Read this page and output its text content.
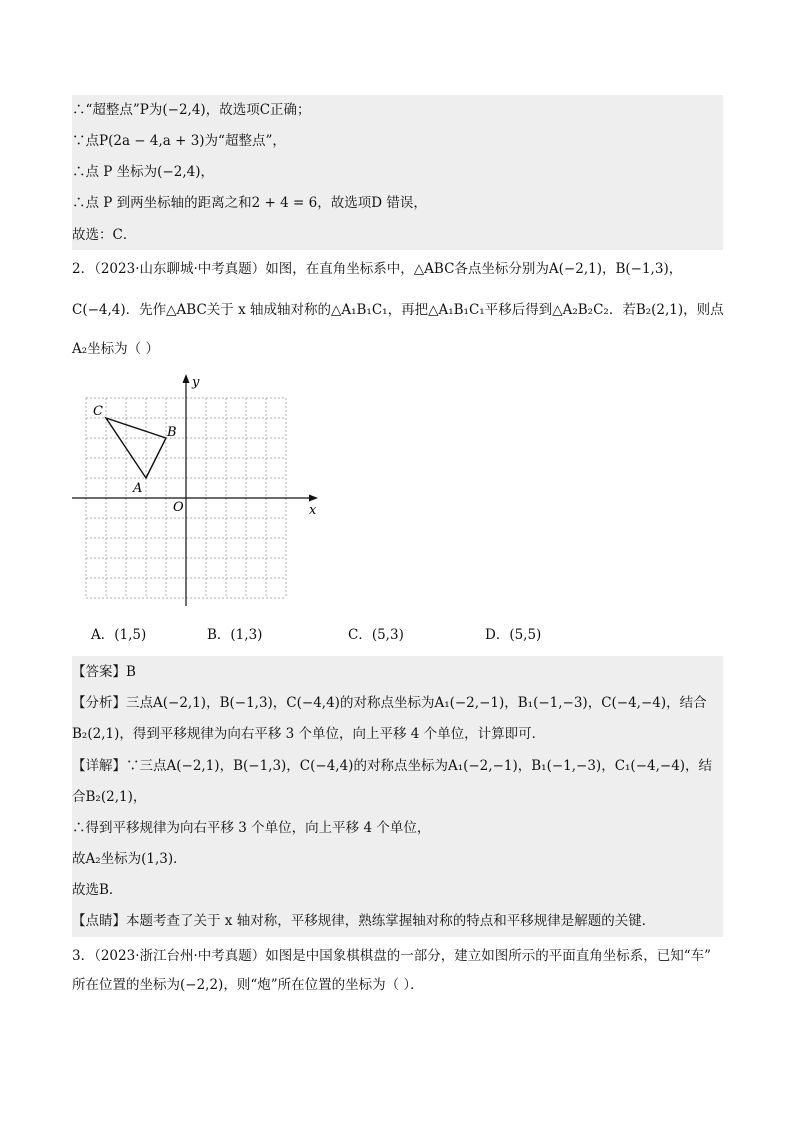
∴“超整点”P为(−2,4)，故选项C正确；
∵点P(2a − 4,a + 3)为“超整点”，
∴点 P 坐标为(−2,4)，
∴点 P 到两坐标轴的距离之和2 + 4 = 6，故选项D 错误，
故选：C．
2．（2023·山东聊城·中考真题）如图，在直角坐标系中，△ABC各点坐标分别为A(−2,1)，B(−1,3)，
C(−4,4)．先作△ABC关于 x 轴成轴对称的△A₁B₁C₁，再把△A₁B₁C₁平移后得到△A₂B₂C₂．若B₂(2,1)，则点
A₂坐标为（ ）
x
y
O
A
B
C
A．(1,5)	B．(1,3)	C．(5,3)	D．(5,5)
【答案】B
【分析】三点A(−2,1)，B(−1,3)，C(−4,4)的对称点坐标为A₁(−2,−1)，B₁(−1,−3)，C(−4,−4)，结合
B₂(2,1)，得到平移规律为向右平移 3 个单位，向上平移 4 个单位，计算即可．
【详解】∵三点A(−2,1)，B(−1,3)，C(−4,4)的对称点坐标为A₁(−2,−1)，B₁(−1,−3)，C₁(−4,−4)，结
合B₂(2,1)，
∴得到平移规律为向右平移 3 个单位，向上平移 4 个单位，
故A₂坐标为(1,3)．
故选B．
【点睛】本题考查了关于 x 轴对称，平移规律，熟练掌握轴对称的特点和平移规律是解题的关键．
3．（2023·浙江台州·中考真题）如图是中国象棋棋盘的一部分，建立如图所示的平面直角坐标系，已知“车”
所在位置的坐标为(−2,2)，则“炮”所在位置的坐标为（ ）．
